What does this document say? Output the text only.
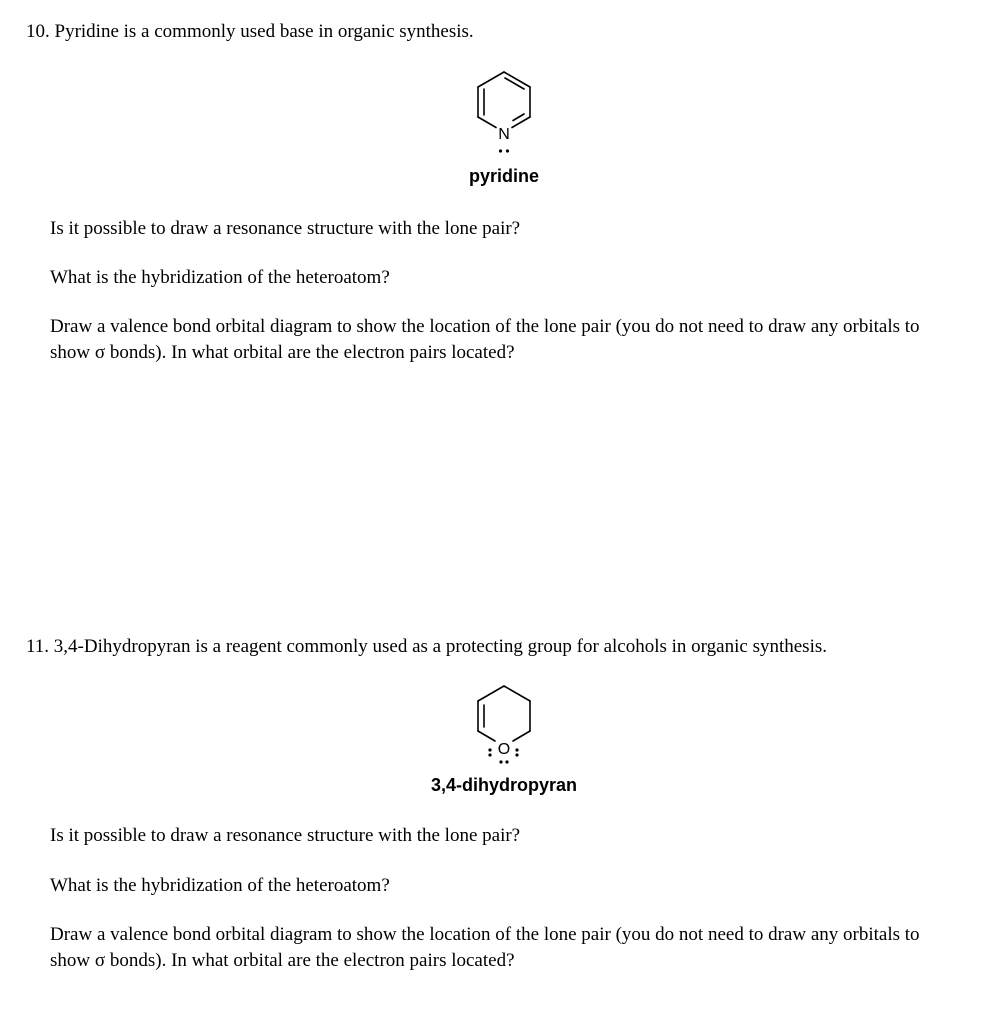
10. Pyridine is a commonly used base in organic synthesis.
N
pyridine
Is it possible to draw a resonance structure with the lone pair?
What is the hybridization of the heteroatom?
Draw a valence bond orbital diagram to show the location of the lone pair (you do not need to draw any orbitals to show σ bonds). In what orbital are the electron pairs located?
11. 3,4-Dihydropyran is a reagent commonly used as a protecting group for alcohols in organic synthesis.
O
3,4-dihydropyran
Is it possible to draw a resonance structure with the lone pair?
What is the hybridization of the heteroatom?
Draw a valence bond orbital diagram to show the location of the lone pair (you do not need to draw any orbitals to show σ bonds). In what orbital are the electron pairs located?
